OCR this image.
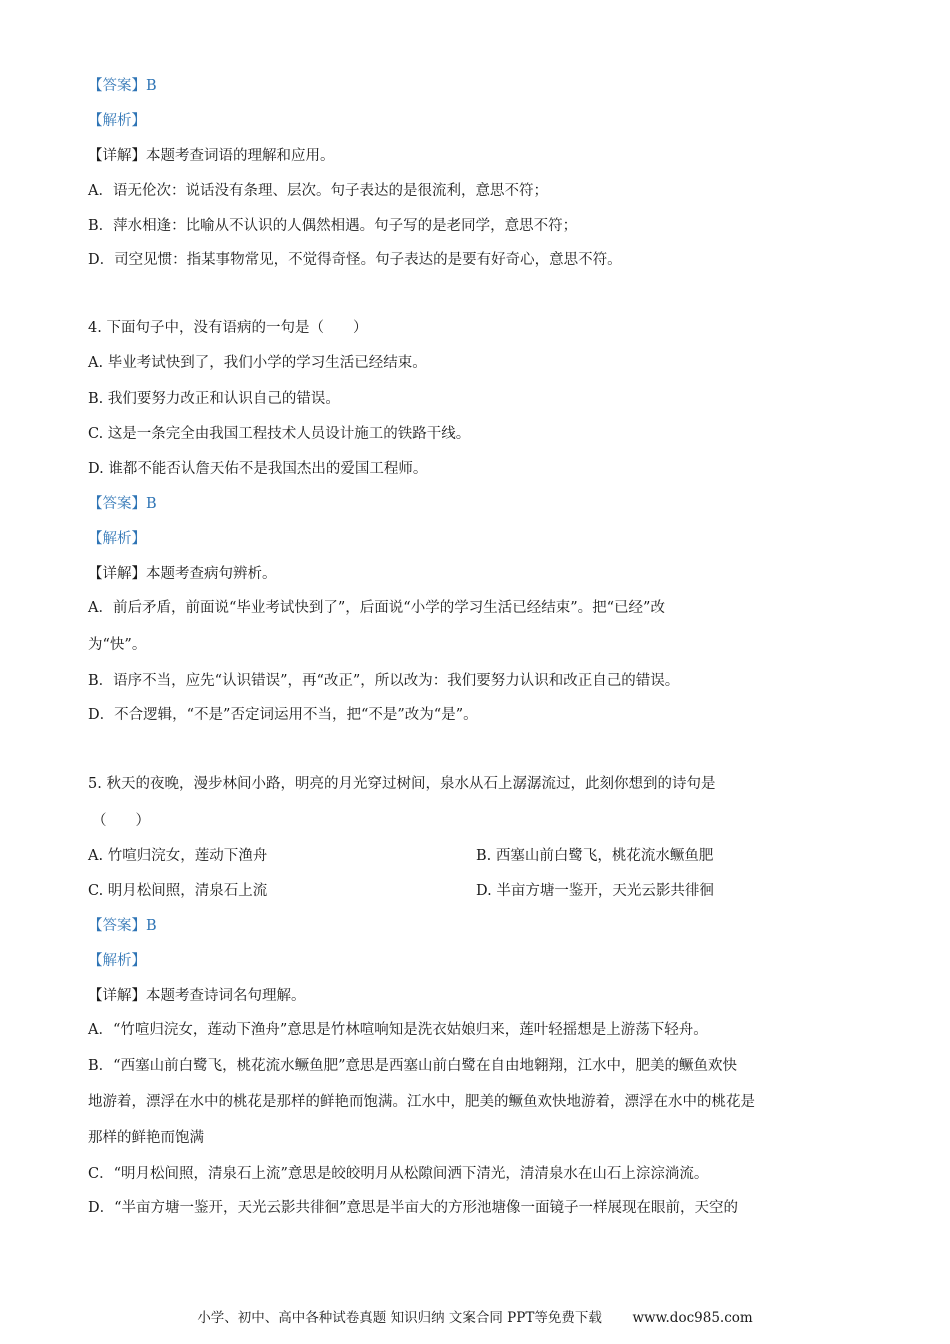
【答案】B
【解析】
【详解】本题考查词语的理解和应用。
A．语无伦次：说话没有条理、层次。句子表达的是很流利，意思不符；
B．萍水相逢：比喻从不认识的人偶然相遇。句子写的是老同学，意思不符；
D．司空见惯：指某事物常见，不觉得奇怪。句子表达的是要有好奇心，意思不符。
4. 下面句子中，没有语病的一句是（　　）
A. 毕业考试快到了，我们小学的学习生活已经结束。
B. 我们要努力改正和认识自己的错误。
C. 这是一条完全由我国工程技术人员设计施工的铁路干线。
D. 谁都不能否认詹天佑不是我国杰出的爱国工程师。
【答案】B
【解析】
【详解】本题考查病句辨析。
A．前后矛盾，前面说“毕业考试快到了”，后面说“小学的学习生活已经结束”。把“已经”改
为“快”。
B．语序不当，应先“认识错误”，再“改正”，所以改为：我们要努力认识和改正自己的错误。
D．不合逻辑，“不是”否定词运用不当，把“不是”改为“是”。
5. 秋天的夜晚，漫步林间小路，明亮的月光穿过树间，泉水从石上潺潺流过，此刻你想到的诗句是
（　　）
A. 竹喧归浣女，莲动下渔舟	B. 西塞山前白鹭飞，桃花流水鳜鱼肥
C. 明月松间照，清泉石上流	D. 半亩方塘一鉴开，天光云影共徘徊
【答案】B
【解析】
【详解】本题考查诗词名句理解。
A．“竹喧归浣女，莲动下渔舟”意思是竹林喧响知是洗衣姑娘归来，莲叶轻摇想是上游荡下轻舟。
B．“西塞山前白鹭飞，桃花流水鳜鱼肥”意思是西塞山前白鹭在自由地翱翔，江水中，肥美的鳜鱼欢快
地游着，漂浮在水中的桃花是那样的鲜艳而饱满。江水中，肥美的鳜鱼欢快地游着，漂浮在水中的桃花是
那样的鲜艳而饱满
C．“明月松间照，清泉石上流”意思是皎皎明月从松隙间洒下清光，清清泉水在山石上淙淙淌流。
D．“半亩方塘一鉴开，天光云影共徘徊”意思是半亩大的方形池塘像一面镜子一样展现在眼前，天空的
小学、初中、高中各种试卷真题 知识归纳 文案合同 PPT等免费下载 www.doc985.com
